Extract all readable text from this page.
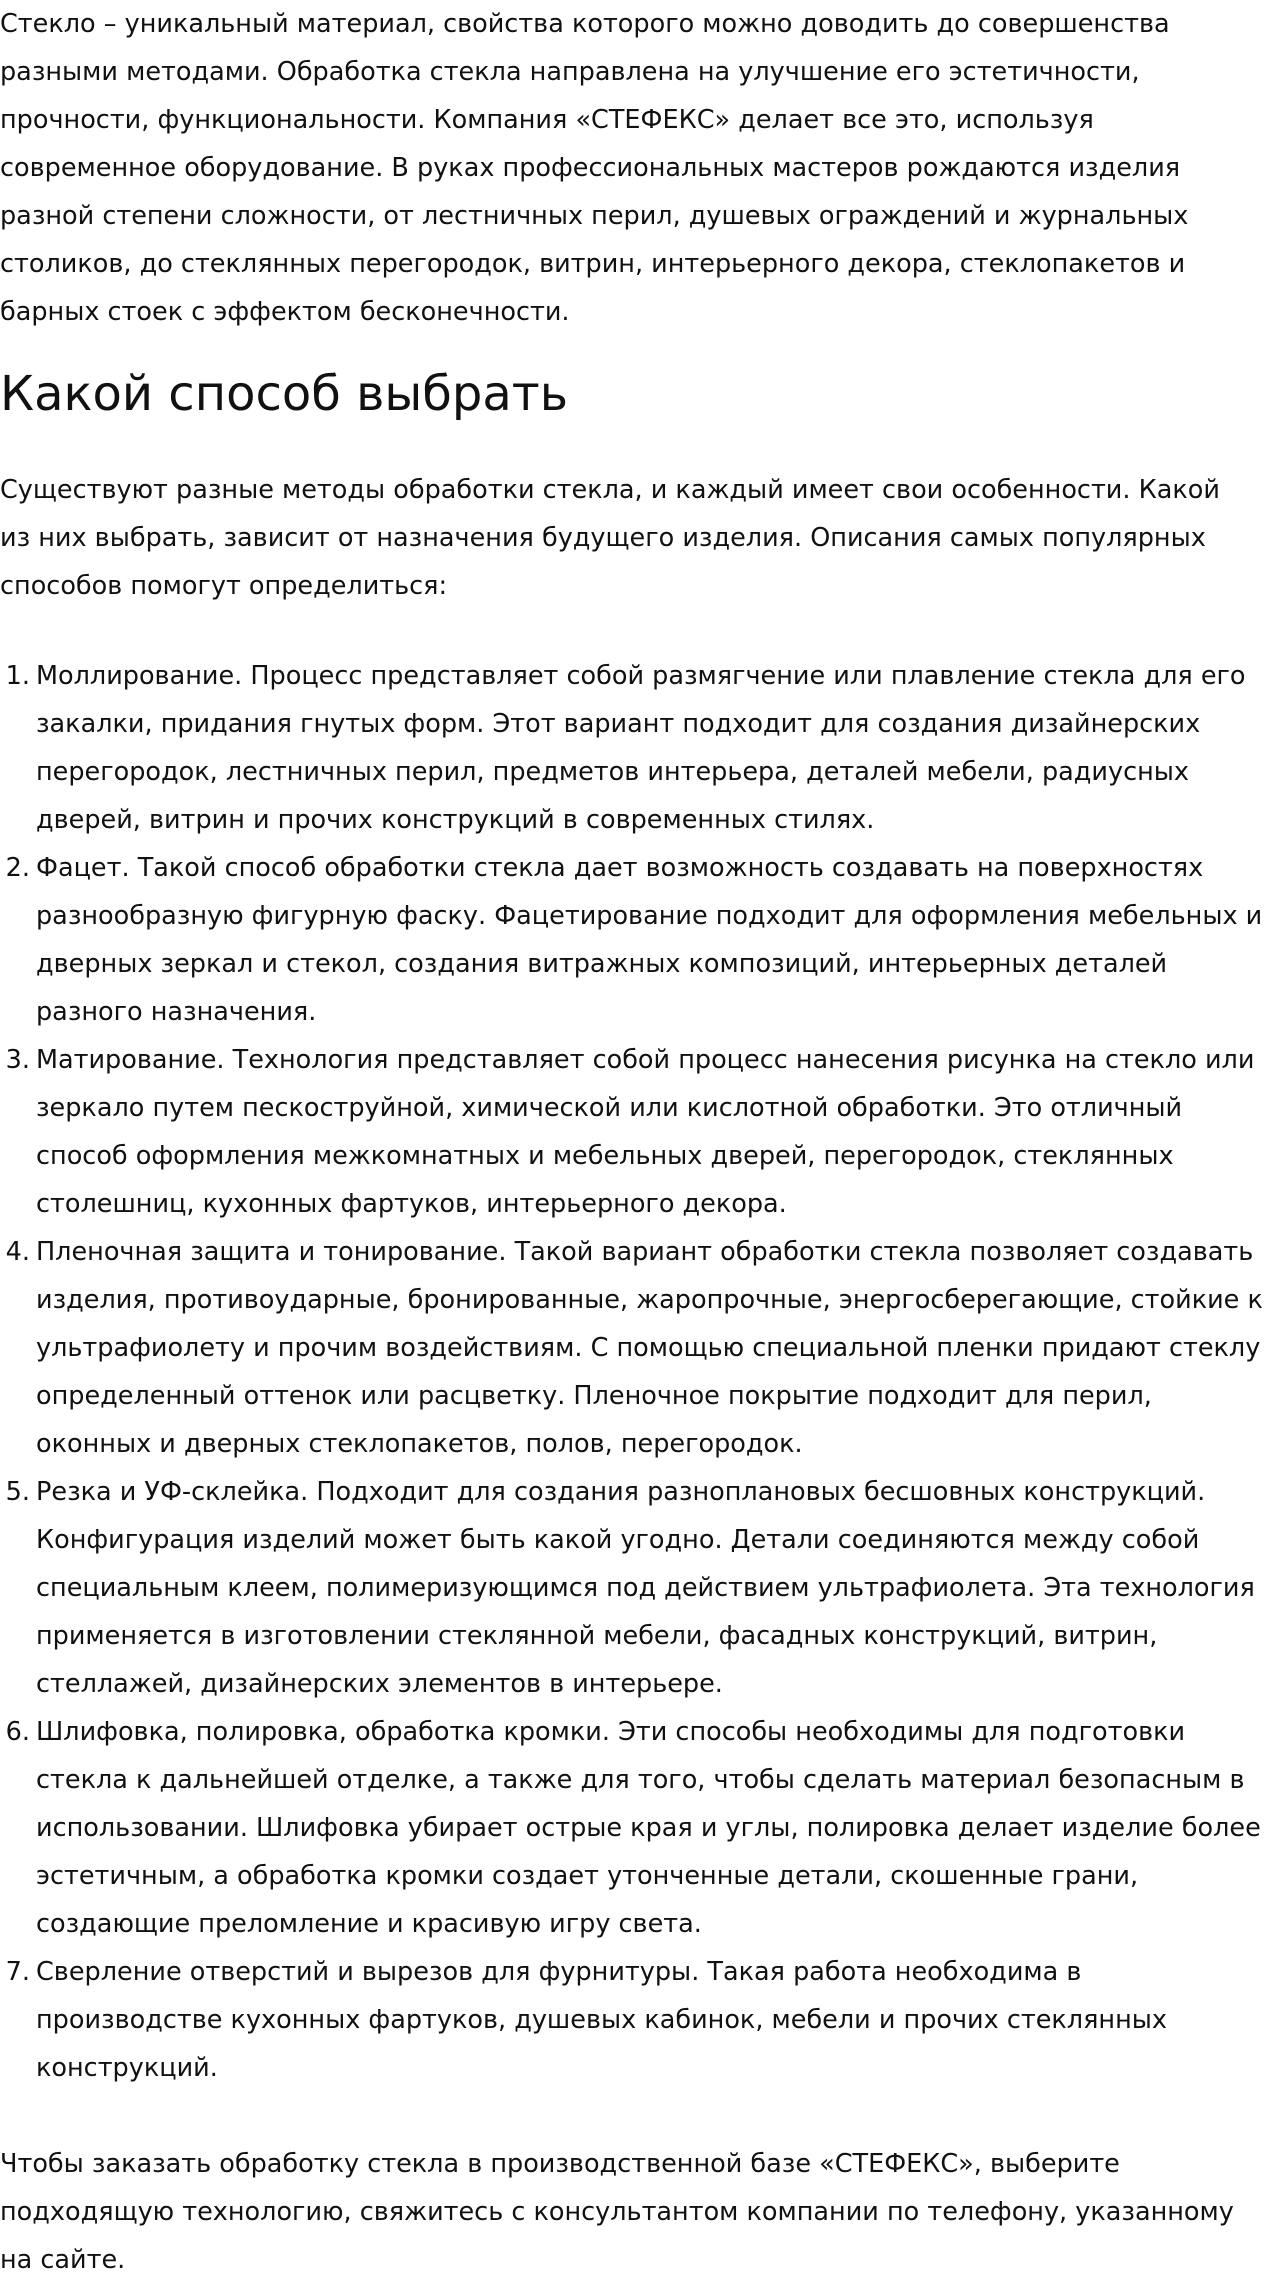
Стекло – уникальный материал, свойства которого можно доводить до совершенства разными методами. Обработка стекла направлена на улучшение его эстетичности, прочности, функциональности. Компания «СТЕФЕКС» делает все это, используя современное оборудование. В руках профессиональных мастеров рождаются изделия разной степени сложности, от лестничных перил, душевых ограждений и журнальных столиков, до стеклянных перегородок, витрин, интерьерного декора, стеклопакетов и барных стоек с эффектом бесконечности.

Какой способ выбрать

Существуют разные методы обработки стекла, и каждый имеет свои особенности. Какой из них выбрать, зависит от назначения будущего изделия. Описания самых популярных способов помогут определиться:

1. Моллирование. Процесс представляет собой размягчение или плавление стекла для его закалки, придания гнутых форм. Этот вариант подходит для создания дизайнерских перегородок, лестничных перил, предметов интерьера, деталей мебели, радиусных дверей, витрин и прочих конструкций в современных стилях.
2. Фацет. Такой способ обработки стекла дает возможность создавать на поверхностях разнообразную фигурную фаску. Фацетирование подходит для оформления мебельных и дверных зеркал и стекол, создания витражных композиций, интерьерных деталей разного назначения.
3. Матирование. Технология представляет собой процесс нанесения рисунка на стекло или зеркало путем пескоструйной, химической или кислотной обработки. Это отличный способ оформления межкомнатных и мебельных дверей, перегородок, стеклянных столешниц, кухонных фартуков, интерьерного декора.
4. Пленочная защита и тонирование. Такой вариант обработки стекла позволяет создавать изделия, противоударные, бронированные, жаропрочные, энергосберегающие, стойкие к ультрафиолету и прочим воздействиям. С помощью специальной пленки придают стеклу определенный оттенок или расцветку. Пленочное покрытие подходит для перил, оконных и дверных стеклопакетов, полов, перегородок.
5. Резка и УФ-склейка. Подходит для создания разноплановых бесшовных конструкций. Конфигурация изделий может быть какой угодно. Детали соединяются между собой специальным клеем, полимеризующимся под действием ультрафиолета. Эта технология применяется в изготовлении стеклянной мебели, фасадных конструкций, витрин, стеллажей, дизайнерских элементов в интерьере.
6. Шлифовка, полировка, обработка кромки. Эти способы необходимы для подготовки стекла к дальнейшей отделке, а также для того, чтобы сделать материал безопасным в использовании. Шлифовка убирает острые края и углы, полировка делает изделие более эстетичным, а обработка кромки создает утонченные детали, скошенные грани, создающие преломление и красивую игру света.
7. Сверление отверстий и вырезов для фурнитуры. Такая работа необходима в производстве кухонных фартуков, душевых кабинок, мебели и прочих стеклянных конструкций.

Чтобы заказать обработку стекла в производственной базе «СТЕФЕКС», выберите подходящую технологию, свяжитесь с консультантом компании по телефону, указанному на сайте.
